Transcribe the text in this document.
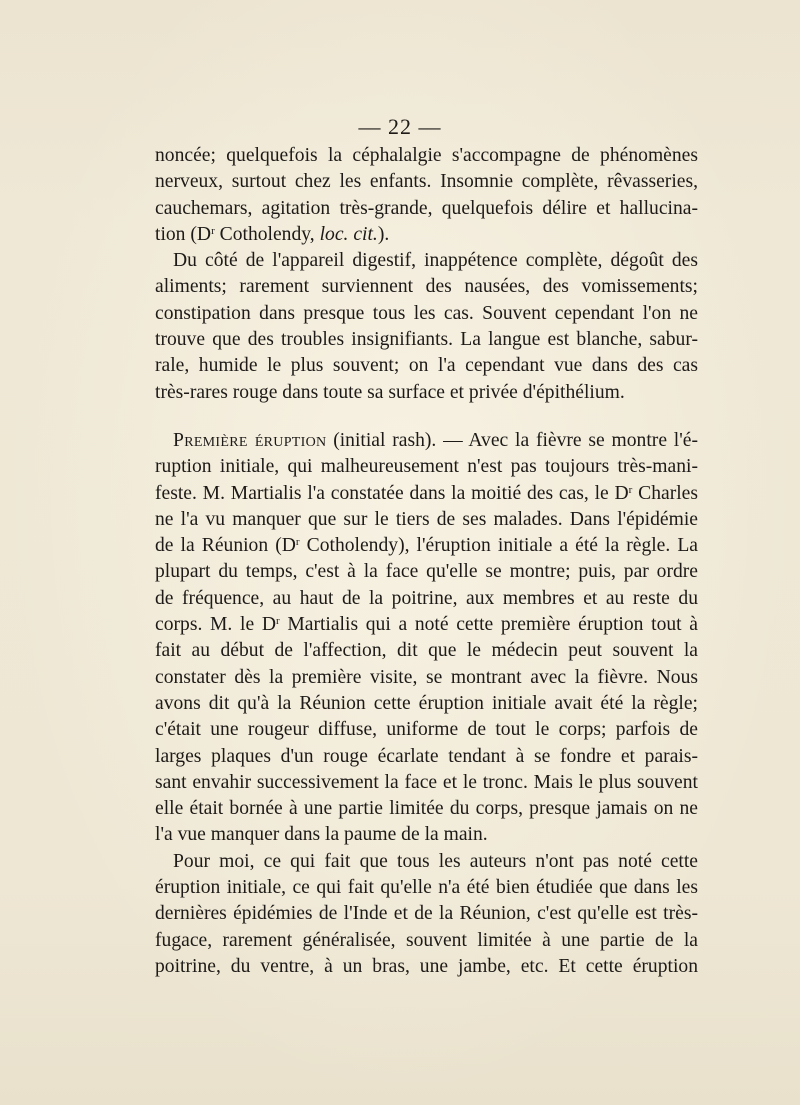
— 22 —
noncée; quelquefois la céphalalgie s'accompagne de phénomènes
nerveux, surtout chez les enfants. Insomnie complète, rêvasseries,
cauchemars, agitation très-grande, quelquefois délire et hallucina-
tion ($D^r$ Cotholendy, loc. cit.).
Du côté de l'appareil digestif, inappétence complète, dégoût des
aliments; rarement surviennent des nausées, des vomissements;
constipation dans presque tous les cas. Souvent cependant l'on ne
trouve que des troubles insignifiants. La langue est blanche, sabur-
rale, humide le plus souvent; on l'a cependant vue dans des cas
très-rares rouge dans toute sa surface et privée d'épithélium.
Première éruption (initial rash). — Avec la fièvre se montre l'é-
ruption initiale, qui malheureusement n'est pas toujours très-mani-
feste. M. Martialis l'a constatée dans la moitié des cas, le $D^r$ Charles
ne l'a vu manquer que sur le tiers de ses malades. Dans l'épidémie
de la Réunion ($D^r$ Cotholendy), l'éruption initiale a été la règle. La
plupart du temps, c'est à la face qu'elle se montre; puis, par ordre
de fréquence, au haut de la poitrine, aux membres et au reste du
corps. M. le $D^r$ Martialis qui a noté cette première éruption tout à
fait au début de l'affection, dit que le médecin peut souvent la
constater dès la première visite, se montrant avec la fièvre. Nous
avons dit qu'à la Réunion cette éruption initiale avait été la règle;
c'était une rougeur diffuse, uniforme de tout le corps; parfois de
larges plaques d'un rouge écarlate tendant à se fondre et parais-
sant envahir successivement la face et le tronc. Mais le plus souvent
elle était bornée à une partie limitée du corps, presque jamais on ne
l'a vue manquer dans la paume de la main.
Pour moi, ce qui fait que tous les auteurs n'ont pas noté cette
éruption initiale, ce qui fait qu'elle n'a été bien étudiée que dans les
dernières épidémies de l'Inde et de la Réunion, c'est qu'elle est très-
fugace, rarement généralisée, souvent limitée à une partie de la
poitrine, du ventre, à un bras, une jambe, etc. Et cette éruption
